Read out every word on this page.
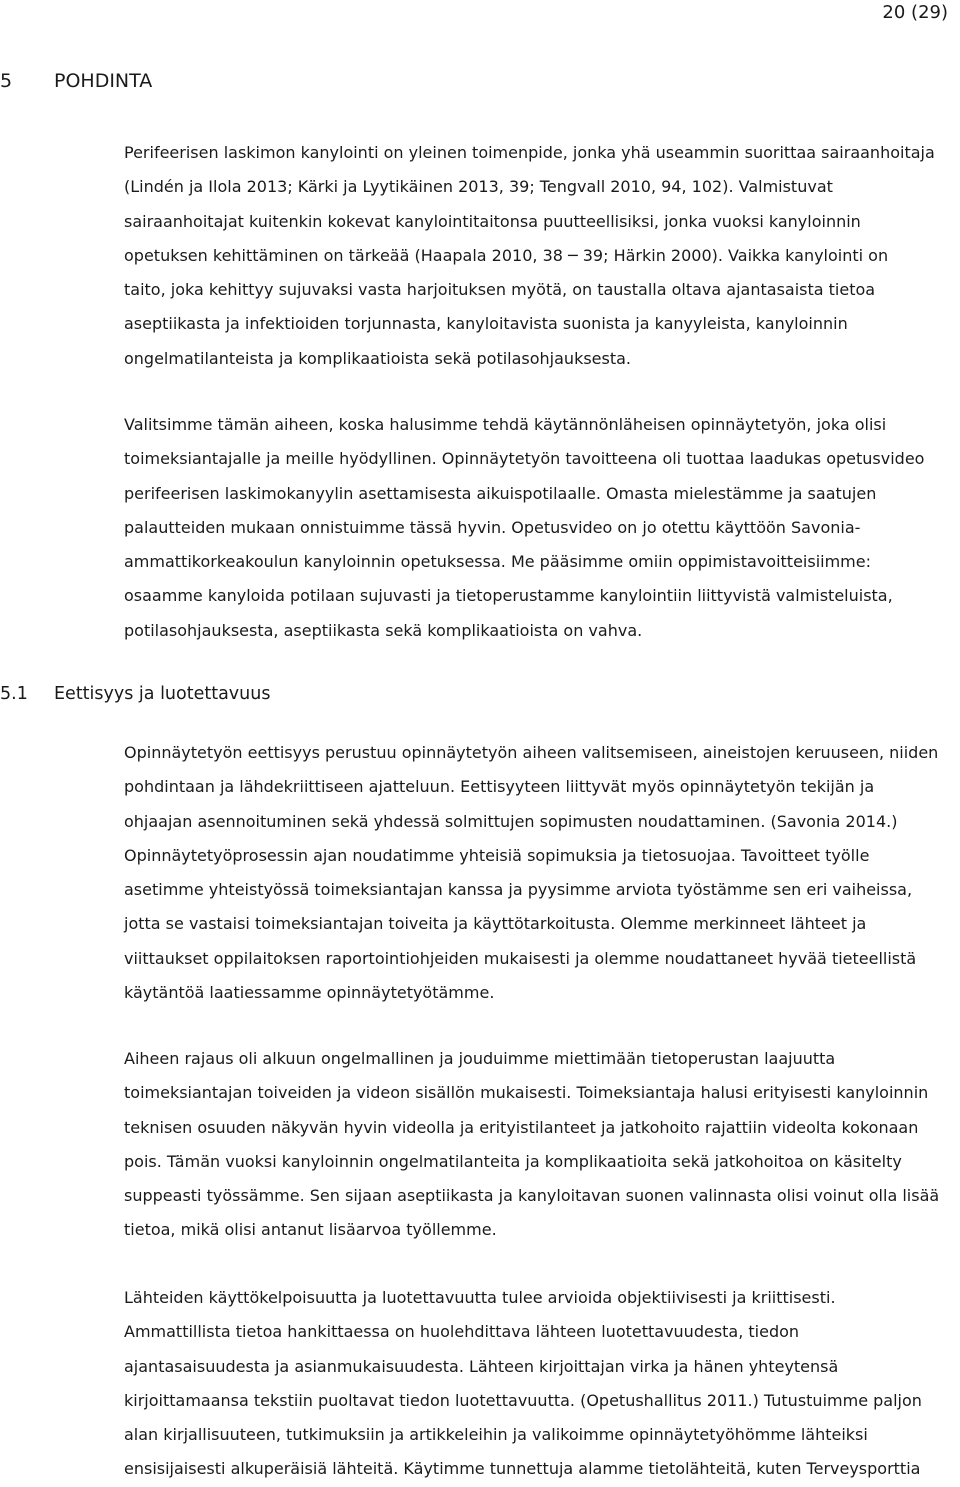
20 (29)
5 POHDINTA
Perifeerisen laskimon kanylointi on yleinen toimenpide, jonka yhä useammin suorittaa sairaanhoitaja
(Lindén ja Ilola 2013; Kärki ja Lyytikäinen 2013, 39; Tengvall 2010, 94, 102). Valmistuvat
sairaanhoitajat kuitenkin kokevat kanylointitaitonsa puutteellisiksi, jonka vuoksi kanyloinnin
opetuksen kehittäminen on tärkeää (Haapala 2010, 38 ─ 39; Härkin 2000). Vaikka kanylointi on
taito, joka kehittyy sujuvaksi vasta harjoituksen myötä, on taustalla oltava ajantasaista tietoa
aseptiikasta ja infektioiden torjunnasta, kanyloitavista suonista ja kanyyleista, kanyloinnin
ongelmatilanteista ja komplikaatioista sekä potilasohjauksesta.
Valitsimme tämän aiheen, koska halusimme tehdä käytännönläheisen opinnäytetyön, joka olisi
toimeksiantajalle ja meille hyödyllinen. Opinnäytetyön tavoitteena oli tuottaa laadukas opetusvideo
perifeerisen laskimokanyylin asettamisesta aikuispotilaalle. Omasta mielestämme ja saatujen
palautteiden mukaan onnistuimme tässä hyvin. Opetusvideo on jo otettu käyttöön Savonia-
ammattikorkeakoulun kanyloinnin opetuksessa. Me pääsimme omiin oppimistavoitteisiimme:
osaamme kanyloida potilaan sujuvasti ja tietoperustamme kanylointiin liittyvistä valmisteluista,
potilasohjauksesta, aseptiikasta sekä komplikaatioista on vahva.
5.1 Eettisyys ja luotettavuus
Opinnäytetyön eettisyys perustuu opinnäytetyön aiheen valitsemiseen, aineistojen keruuseen, niiden
pohdintaan ja lähdekriittiseen ajatteluun. Eettisyyteen liittyvät myös opinnäytetyön tekijän ja
ohjaajan asennoituminen sekä yhdessä solmittujen sopimusten noudattaminen. (Savonia 2014.)
Opinnäytetyöprosessin ajan noudatimme yhteisiä sopimuksia ja tietosuojaa. Tavoitteet työlle
asetimme yhteistyössä toimeksiantajan kanssa ja pyysimme arviota työstämme sen eri vaiheissa,
jotta se vastaisi toimeksiantajan toiveita ja käyttötarkoitusta. Olemme merkinneet lähteet ja
viittaukset oppilaitoksen raportointiohjeiden mukaisesti ja olemme noudattaneet hyvää tieteellistä
käytäntöä laatiessamme opinnäytetyötämme.
Aiheen rajaus oli alkuun ongelmallinen ja jouduimme miettimään tietoperustan laajuutta
toimeksiantajan toiveiden ja videon sisällön mukaisesti. Toimeksiantaja halusi erityisesti kanyloinnin
teknisen osuuden näkyvän hyvin videolla ja erityistilanteet ja jatkohoito rajattiin videolta kokonaan
pois. Tämän vuoksi kanyloinnin ongelmatilanteita ja komplikaatioita sekä jatkohoitoa on käsitelty
suppeasti työssämme. Sen sijaan aseptiikasta ja kanyloitavan suonen valinnasta olisi voinut olla lisää
tietoa, mikä olisi antanut lisäarvoa työllemme.
Lähteiden käyttökelpoisuutta ja luotettavuutta tulee arvioida objektiivisesti ja kriittisesti.
Ammattillista tietoa hankittaessa on huolehdittava lähteen luotettavuudesta, tiedon
ajantasaisuudesta ja asianmukaisuudesta. Lähteen kirjoittajan virka ja hänen yhteytensä
kirjoittamaansa tekstiin puoltavat tiedon luotettavuutta. (Opetushallitus 2011.) Tutustuimme paljon
alan kirjallisuuteen, tutkimuksiin ja artikkeleihin ja valikoimme opinnäytetyöhömme lähteiksi
ensisijaisesti alkuperäisiä lähteitä. Käytimme tunnettuja alamme tietolähteitä, kuten Terveysporttia
